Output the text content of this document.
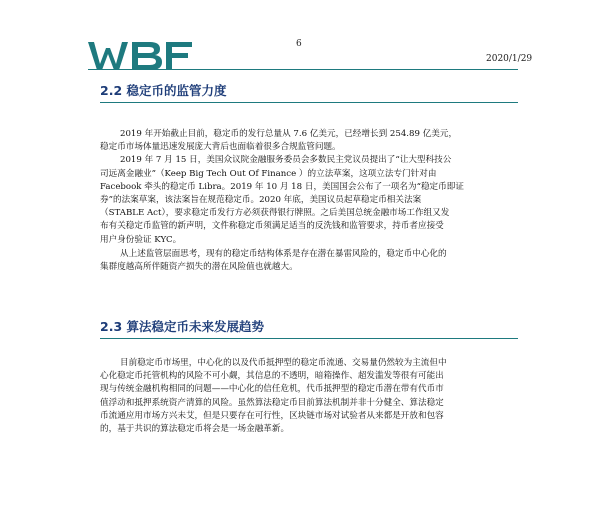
6
2020/1/29
2.2 稳定币的监管力度

2019 年开始截止目前，稳定币的发行总量从 7.6 亿美元，已经增长到 254.89 亿美元，
稳定币市场体量迅速发展庞大背后也面临着很多合规监管问题。
2019 年 7 月 15 日，美国众议院金融服务委员会多数民主党议员提出了“让大型科技公
司远离金融业”（Keep Big Tech Out Of Finance ）的立法草案，这项立法专门针对由
Facebook 牵头的稳定币 Libra。2019 年 10 月 18 日，美国国会公布了一项名为“稳定币即证
券”的法案草案，该法案旨在规范稳定币。2020 年底，美国议员起草稳定币相关法案
（STABLE Act），要求稳定币发行方必须获得银行牌照。之后美国总统金融市场工作组又发
布有关稳定币监管的新声明，文件称稳定币须满足适当的反洗钱和监管要求，持币者应接受
用户身份验证 KYC。

从上述监管层面思考，现有的稳定币结构体系是存在潜在暴雷风险的，稳定币中心化的
集群度越高所伴随资产损失的潜在风险值也就越大。

2.3 算法稳定币未来发展趋势

目前稳定币市场里，中心化的以及代币抵押型的稳定币流通、交易量仍然较为主流但中
心化稳定币托管机构的风险不可小觑，其信息的不透明，暗箱操作、超发滥发等很有可能出
现与传统金融机构相同的问题——中心化的信任危机，代币抵押型的稳定币潜在带有代币市
值浮动和抵押系统资产清算的风险。虽然算法稳定币目前算法机制并非十分健全、算法稳定
币流通应用市场方兴未艾，但是只要存在可行性，区块链市场对试验者从来都是开放和包容
的，基于共识的算法稳定币将会是一场金融革新。
